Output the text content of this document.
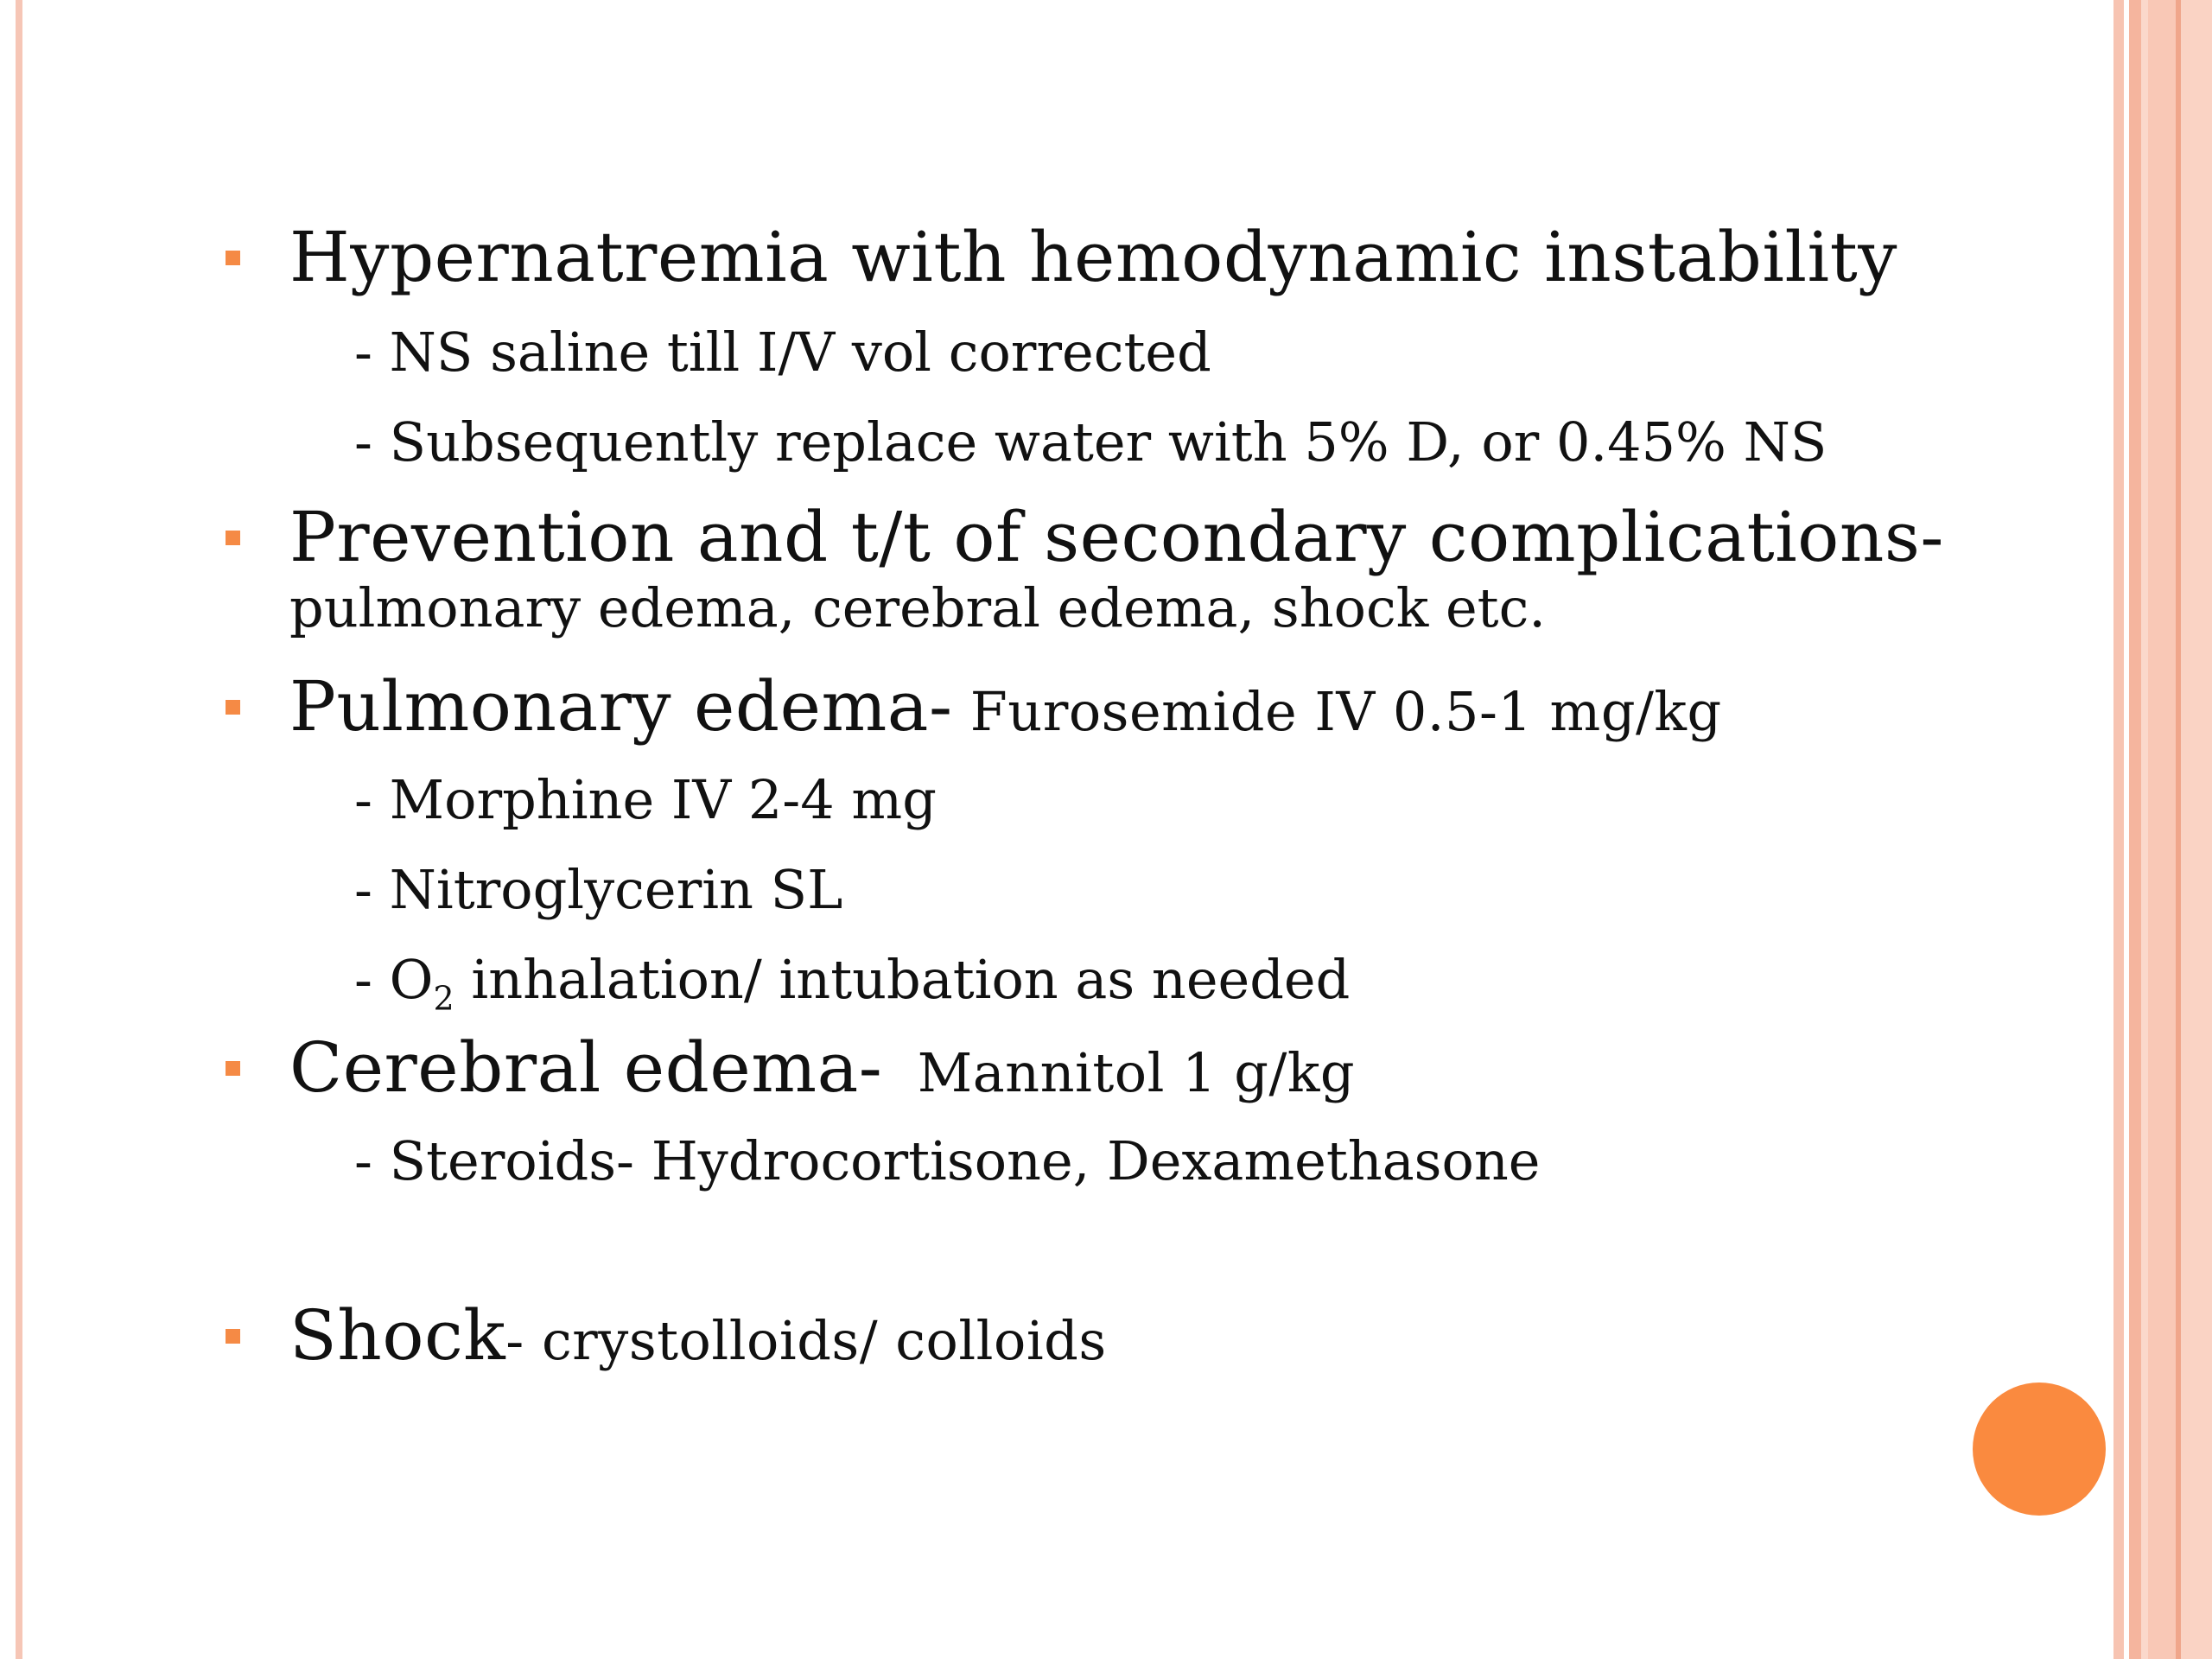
Hypernatremia with hemodynamic instability
- NS saline till I/V vol corrected
- Subsequently replace water with 5% D, or 0.45% NS
Prevention and t/t of secondary complications-
pulmonary edema, cerebral edema, shock etc.
Pulmonary edema- Furosemide IV 0.5-1 mg/kg
- Morphine IV 2-4 mg
- Nitroglycerin SL
- $O_2$ inhalation/ intubation as needed
Cerebral edema-  Mannitol 1 g/kg
- Steroids- Hydrocortisone, Dexamethasone
Shock- crystolloids/ colloids
